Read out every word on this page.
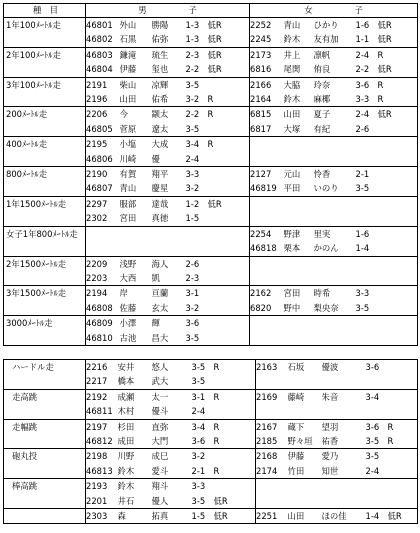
種　目	男　　　　　子					女　　　　　子				
1年100ﾒｰﾄﾙ走	46801	外山	勝陽	1-3	低R	2252	青山	ひかり	1-6	低R
	46802	石黒	佑弥	1-3	低R	2245	鈴木	友有加	1-1	低R
2年100ﾒｰﾄﾙ走	46803	鎌滝	琉生	2-3	低R	2173	井上	凛帆	2-4	R
	46804	伊藤	玺也	2-2	低R	6816	尾関	侑良	2-2	低R
3年100ﾒｰﾄﾙ走	2191	柴山	凉輝	3-5		2166	大脇	玲奈	3-6	R
	2196	山田	佑希	3-2	R	2164	鈴木	麻椰	3-3	R
200ﾒｰﾄﾙ走	2206	今	颛太	2-2	R	6815	山田	夏子	2-4	低R
	46805	菅原	遼太	3-5		6817	大塚	有紀	2-6	
400ﾒｰﾄﾙ走	2195	小塩	大成	3-4	R					
	46806	川崎	優	2-4						
800ﾒｰﾄﾙ走	2190	有賀	翔平	3-3		2127	元山	怜香	2-1	
	46807	青山	慶星	3-2		46819	平田	いのり	3-5	
1年1500ﾒｰﾄﾙ走	2297	服部	達哉	1-2	低R					
	2302	宮田	真徳	1-5						
女子1年800ﾒｰﾄﾙ走						2254	野津	里実	1-6	
						46818	栗本	かのん	1-4	
2年1500ﾒｰﾄﾙ走	2209	浅野	海人	2-6						
	2203	大西	凱	2-3						
3年1500ﾒｰﾄﾙ走	2194	岸	亘蘭	3-1		2162	宮田	時希	3-3	
	46808	佐藤	玄太	3-2		6820	野中	梨央奈	3-5	
3000ﾒｰﾄﾙ走	46809	小澤	輝	3-6						
	46810	古池	昌大	3-5						
ハードル走	2216	安井	悠人	3-5	R	2163	石坂	優波	3-6	
	2217	橋本	武大	3-5						
走高跳	2192	成瀬	太一	3-1	R	2169	藤崎	朱音	3-4	
	46811	木村	優斗	2-4						
走幅跳	2197	杉田	直弥	3-4	R	2167	蔵下	望羽	3-6	R
	46812	成田	大門	3-6	R	2185	野々垣	祐香	3-5	R
砲丸投	2198	川野	成巳	3-2		2168	伊藤	愛乃	3-5	
	46813	鈴木	愛斗	2-1	R	2174	竹田	知世	2-4	
棒高跳	2193	鈴木	翔斗	3-3						
	2201	井石	優人	3-5	低R					
	2303	森	拓真	1-5	低R	2251	山田	ほの佳	1-4	低R
